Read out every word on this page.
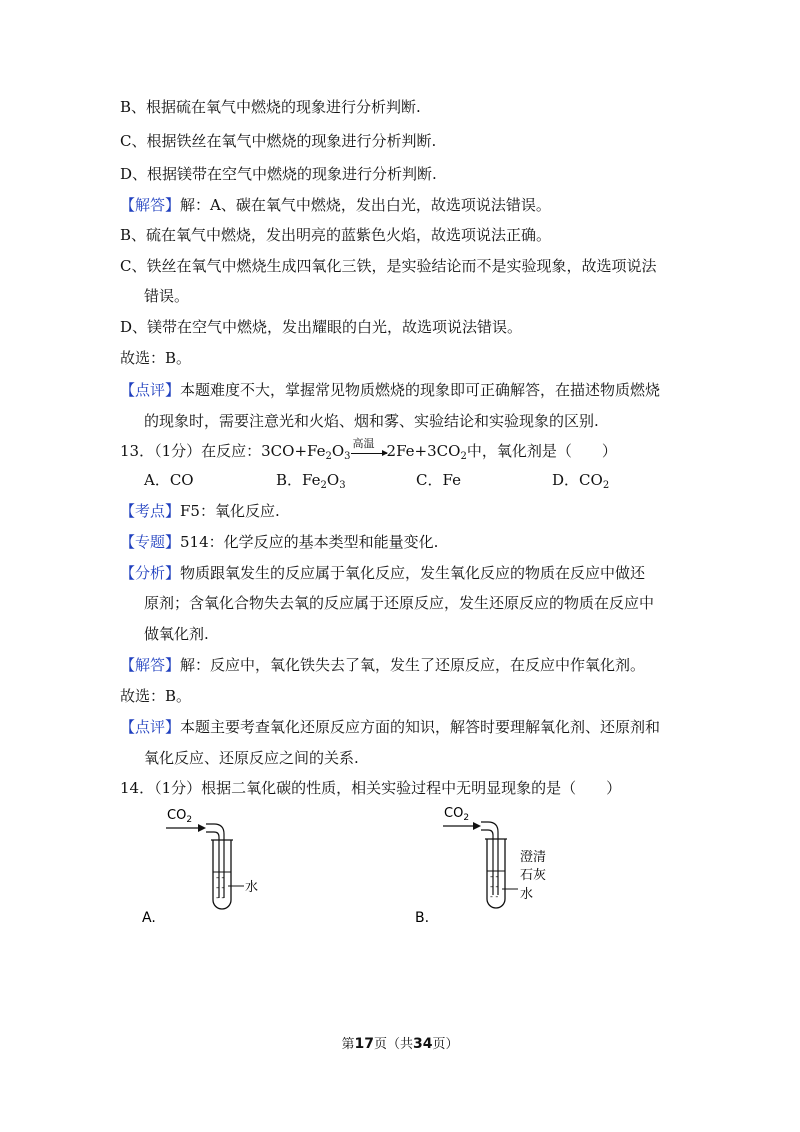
B、根据硫在氧气中燃烧的现象进行分析判断.
C、根据铁丝在氧气中燃烧的现象进行分析判断.
D、根据镁带在空气中燃烧的现象进行分析判断.
【解答】解：A、碳在氧气中燃烧，发出白光，故选项说法错误。
B、硫在氧气中燃烧，发出明亮的蓝紫色火焰，故选项说法正确。
C、铁丝在氧气中燃烧生成四氧化三铁，是实验结论而不是实验现象，故选项说法
错误。
D、镁带在空气中燃烧，发出耀眼的白光，故选项说法错误。
故选：B。
【点评】本题难度不大，掌握常见物质燃烧的现象即可正确解答，在描述物质燃烧
的现象时，需要注意光和火焰、烟和雾、实验结论和实验现象的区别.
13．（1分）在反应：$3CO+Fe_2O_3$
高温 $2Fe+3CO_2$中，氧化剂是（　　）
A．CO	B．$Fe_2O_3$	C．Fe	D．$CO_2$
【考点】F5：氧化反应.
【专题】514：化学反应的基本类型和能量变化.
【分析】物质跟氧发生的反应属于氧化反应，发生氧化反应的物质在反应中做还
原剂；含氧化合物失去氧的反应属于还原反应，发生还原反应的物质在反应中
做氧化剂.
【解答】解：反应中，氧化铁失去了氧，发生了还原反应，在反应中作氧化剂。
故选：B。
【点评】本题主要考查氧化还原反应方面的知识，解答时要理解氧化剂、还原剂和
氧化反应、还原反应之间的关系.
14．（1分）根据二氧化碳的性质，相关实验过程中无明显现象的是（　　）
$CO_2$
- -
- -
- -
水
A.
$CO_2$
- -
- -
- -
澄清
石灰
水
B.
第17页（共34页）
